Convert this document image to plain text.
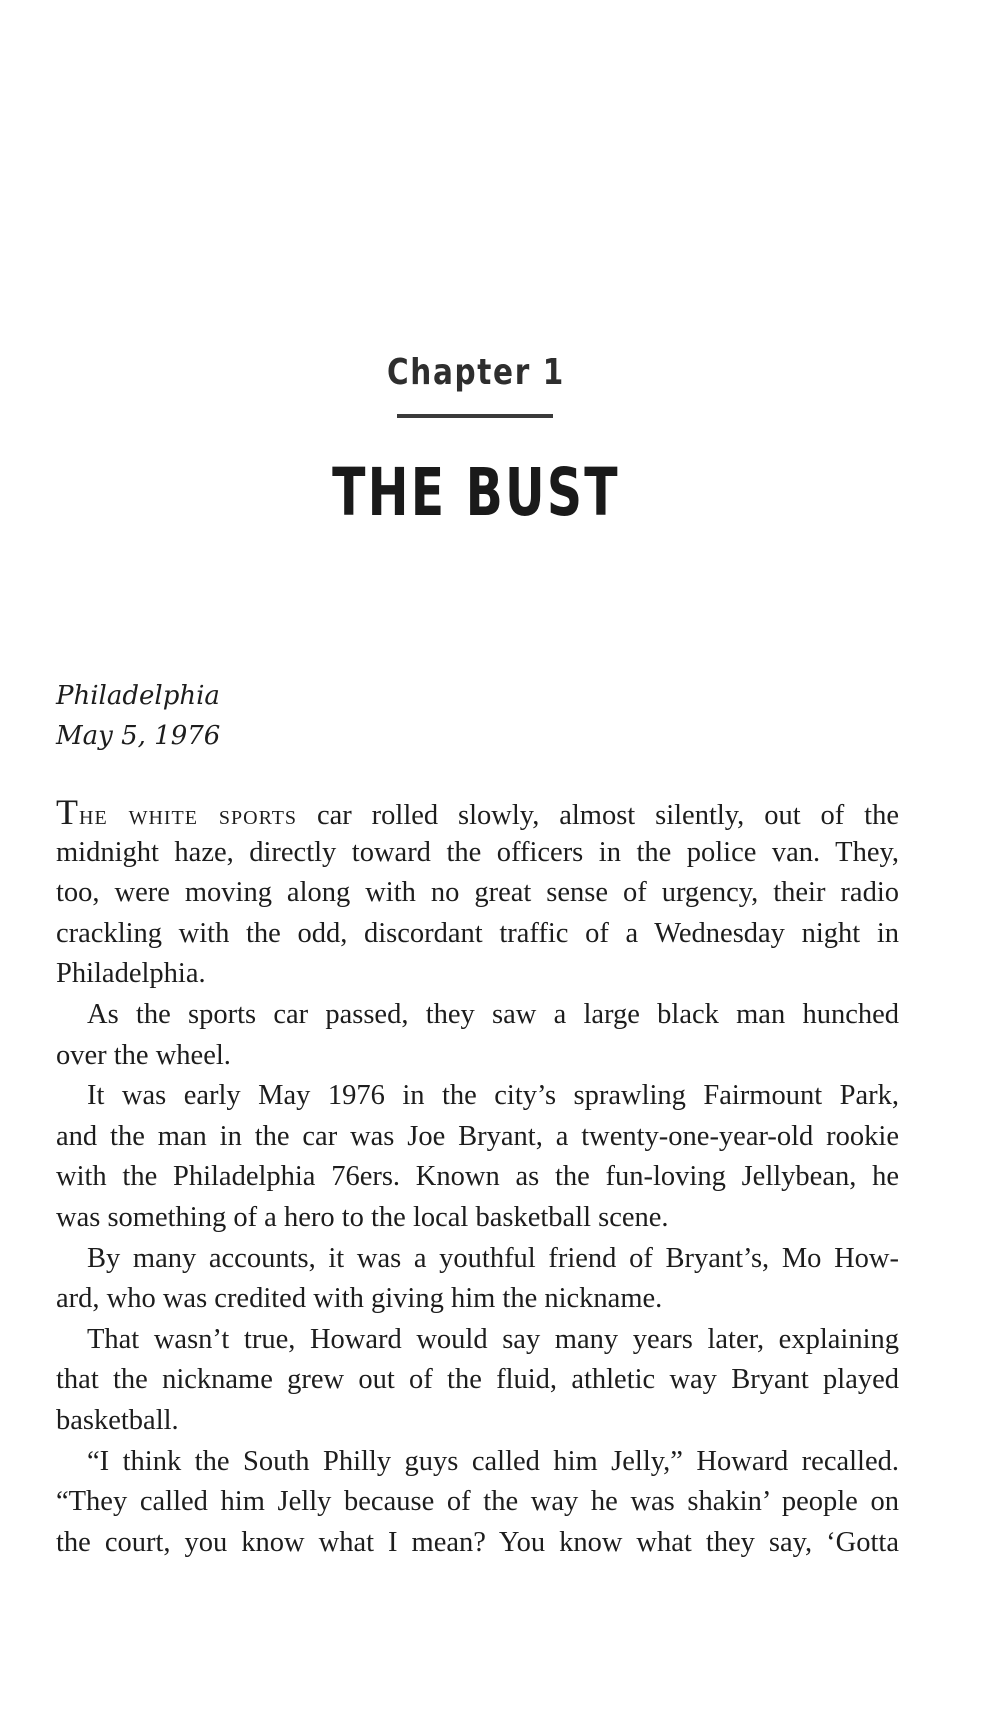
Chapter 1
THE BUST
Philadelphia
May 5, 1976
The white sports car rolled slowly, almost silently, out of the
midnight haze, directly toward the officers in the police van. They,
too, were moving along with no great sense of urgency, their radio
crackling with the odd, discordant traffic of a Wednesday night in
Philadelphia.
As the sports car passed, they saw a large black man hunched
over the wheel.
It was early May 1976 in the city’s sprawling Fairmount Park,
and the man in the car was Joe Bryant, a twenty-one-year-old rookie
with the Philadelphia 76ers. Known as the fun-loving Jellybean, he
was something of a hero to the local basketball scene.
By many accounts, it was a youthful friend of Bryant’s, Mo How-
ard, who was credited with giving him the nickname.
That wasn’t true, Howard would say many years later, explaining
that the nickname grew out of the fluid, athletic way Bryant played
basketball.
“I think the South Philly guys called him Jelly,” Howard recalled.
“They called him Jelly because of the way he was shakin’ people on
the court, you know what I mean? You know what they say, ‘Gotta
